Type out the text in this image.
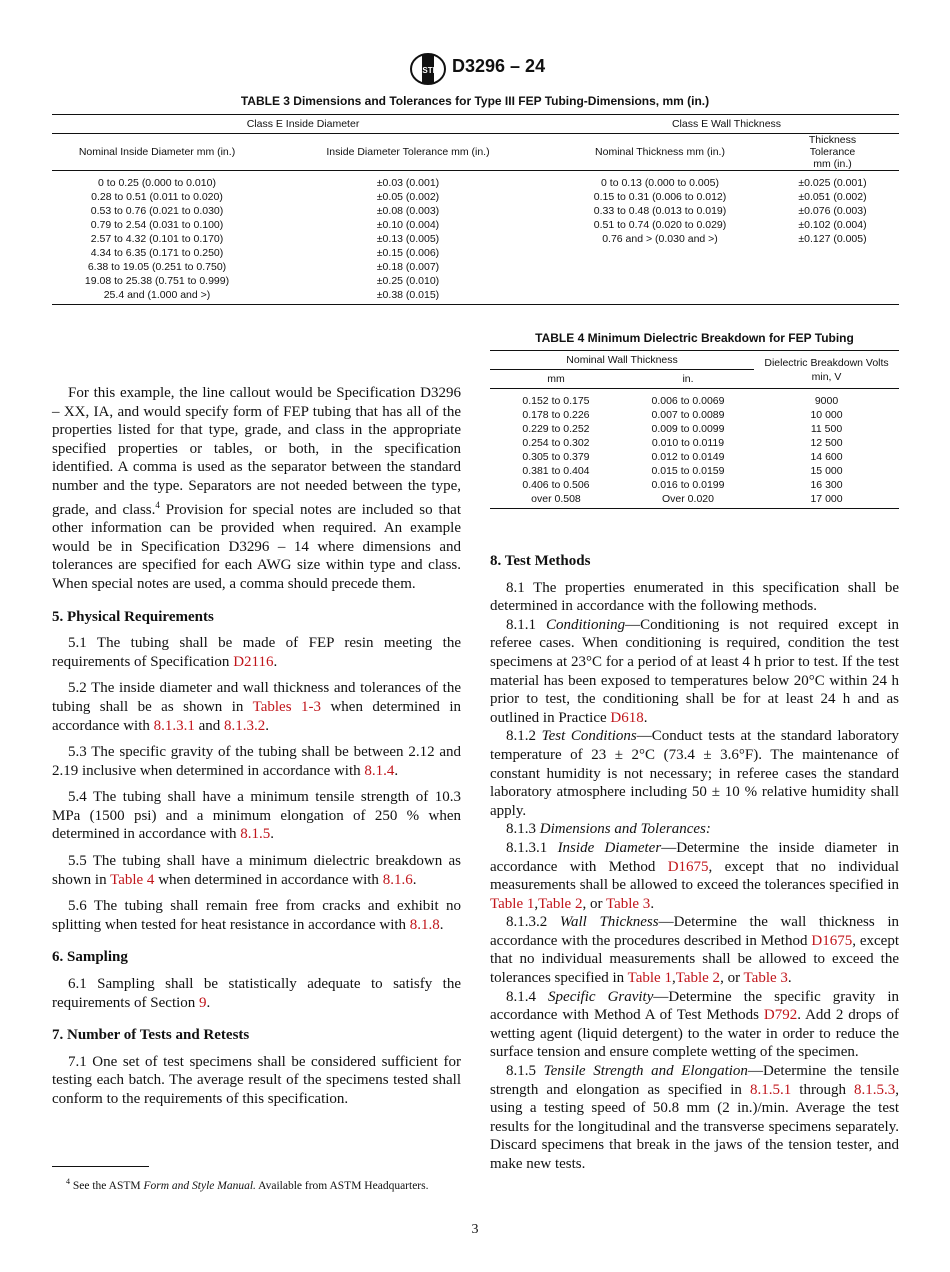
ASTM D3296 – 24
TABLE 3 Dimensions and Tolerances for Type III FEP Tubing-Dimensions, mm (in.)
Class E Inside Diameter		Class E Wall Thickness	
Nominal Inside Diameter mm (in.)	Inside Diameter Tolerance mm (in.)	Nominal Thickness mm (in.)	Thickness Tolerance mm (in.)
0 to 0.25 (0.000 to 0.010)	±0.03 (0.001)	0 to 0.13 (0.000 to 0.005)	±0.025 (0.001)
0.28 to 0.51 (0.011 to 0.020)	±0.05 (0.002)	0.15 to 0.31 (0.006 to 0.012)	±0.051 (0.002)
0.53 to 0.76 (0.021 to 0.030)	±0.08 (0.003)	0.33 to 0.48 (0.013 to 0.019)	±0.076 (0.003)
0.79 to 2.54 (0.031 to 0.100)	±0.10 (0.004)	0.51 to 0.74 (0.020 to 0.029)	±0.102 (0.004)
2.57 to 4.32 (0.101 to 0.170)	±0.13 (0.005)	0.76 and > (0.030 and >)	±0.127 (0.005)
4.34 to 6.35 (0.171 to 0.250)	±0.15 (0.006)		
6.38 to 19.05 (0.251 to 0.750)	±0.18 (0.007)		
19.08 to 25.38 (0.751 to 0.999)	±0.25 (0.010)		
25.4 and (1.000 and >)	±0.38 (0.015)		
TABLE 4 Minimum Dielectric Breakdown for FEP Tubing
Nominal Wall Thickness		Dielectric Breakdown Volts min, V
mm	in.	
0.152 to 0.175	0.006 to 0.0069	9000
0.178 to 0.226	0.007 to 0.0089	10 000
0.229 to 0.252	0.009 to 0.0099	11 500
0.254 to 0.302	0.010 to 0.0119	12 500
0.305 to 0.379	0.012 to 0.0149	14 600
0.381 to 0.404	0.015 to 0.0159	15 000
0.406 to 0.506	0.016 to 0.0199	16 300
over 0.508	Over 0.020	17 000

For this example, the line callout would be Specification D3296 – XX, IA, and would specify form of FEP tubing that has all of the properties listed for that type, grade, and class in the appropriate specified properties or tables, or both, in the specification identified. A comma is used as the separator between the standard number and the type. Separators are not needed between the type, grade, and class.$^4$ Provision for special notes are included so that other information can be provided when required. An example would be in Specification D3296 – 14 where dimensions and tolerances are specified for each AWG size within type and class. When special notes are used, a comma should precede them.

5. Physical Requirements

5.1 The tubing shall be made of FEP resin meeting the requirements of Specification D2116.

5.2 The inside diameter and wall thickness and tolerances of the tubing shall be as shown in Tables 1-3 when determined in accordance with 8.1.3.1 and 8.1.3.2.

5.3 The specific gravity of the tubing shall be between 2.12 and 2.19 inclusive when determined in accordance with 8.1.4.

5.4 The tubing shall have a minimum tensile strength of 10.3 MPa (1500 psi) and a minimum elongation of 250 % when determined in accordance with 8.1.5.

5.5 The tubing shall have a minimum dielectric breakdown as shown in Table 4 when determined in accordance with 8.1.6.

5.6 The tubing shall remain free from cracks and exhibit no splitting when tested for heat resistance in accordance with 8.1.8.

6. Sampling

6.1 Sampling shall be statistically adequate to satisfy the requirements of Section 9.

7. Number of Tests and Retests

7.1 One set of test specimens shall be considered sufficient for testing each batch. The average result of the specimens tested shall conform to the requirements of this specification.

8. Test Methods

8.1 The properties enumerated in this specification shall be determined in accordance with the following methods.

8.1.1 Conditioning—Conditioning is not required except in referee cases. When conditioning is required, condition the test specimens at 23°C for a period of at least 4 h prior to test. If the test material has been exposed to temperatures below 20°C within 24 h prior to test, the conditioning shall be for at least 24 h and as outlined in Practice D618.

8.1.2 Test Conditions—Conduct tests at the standard laboratory temperature of 23 ± 2°C (73.4 ± 3.6°F). The maintenance of constant humidity is not necessary; in referee cases the standard laboratory atmosphere including 50 ± 10 % relative humidity shall apply.

8.1.3 Dimensions and Tolerances:

8.1.3.1 Inside Diameter—Determine the inside diameter in accordance with Method D1675, except that no individual measurements shall be allowed to exceed the tolerances specified in Table 1,Table 2, or Table 3.

8.1.3.2 Wall Thickness—Determine the wall thickness in accordance with the procedures described in Method D1675, except that no individual measurements shall be allowed to exceed the tolerances specified in Table 1,Table 2, or Table 3.

8.1.4 Specific Gravity—Determine the specific gravity in accordance with Method A of Test Methods D792. Add 2 drops of wetting agent (liquid detergent) to the water in order to reduce the surface tension and ensure complete wetting of the specimen.

8.1.5 Tensile Strength and Elongation—Determine the tensile strength and elongation as specified in 8.1.5.1 through 8.1.5.3, using a testing speed of 50.8 mm (2 in.)/min. Average the test results for the longitudinal and the transverse specimens separately. Discard specimens that break in the jaws of the tension tester, and make new tests.

$^4$ See the ASTM Form and Style Manual. Available from ASTM Headquarters.
3
